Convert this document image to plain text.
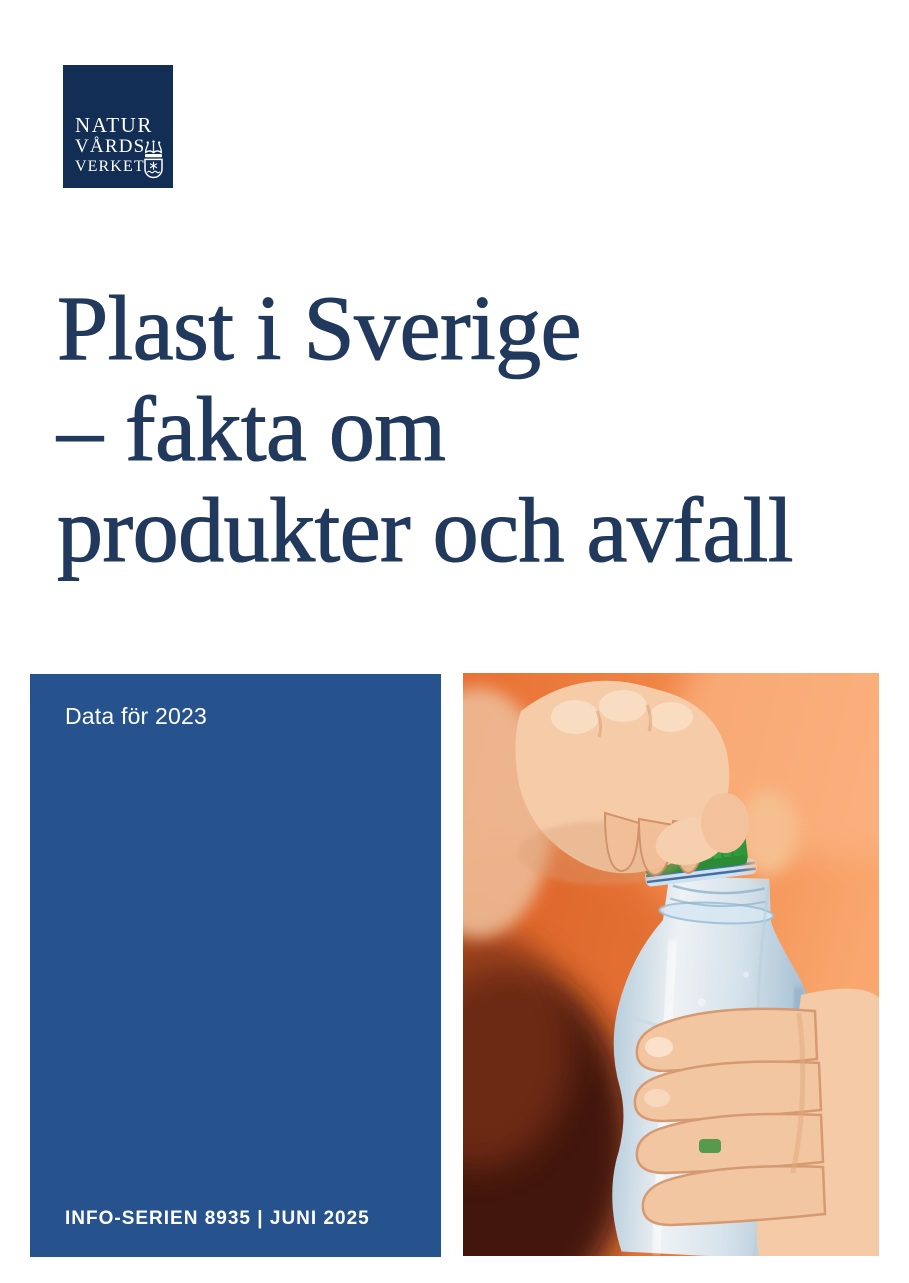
NATUR
VÅRDS
VERKET
Plast i Sverige
– fakta om
produkter och avfall
Data för 2023
INFO-SERIEN 8935 | JUNI 2025
